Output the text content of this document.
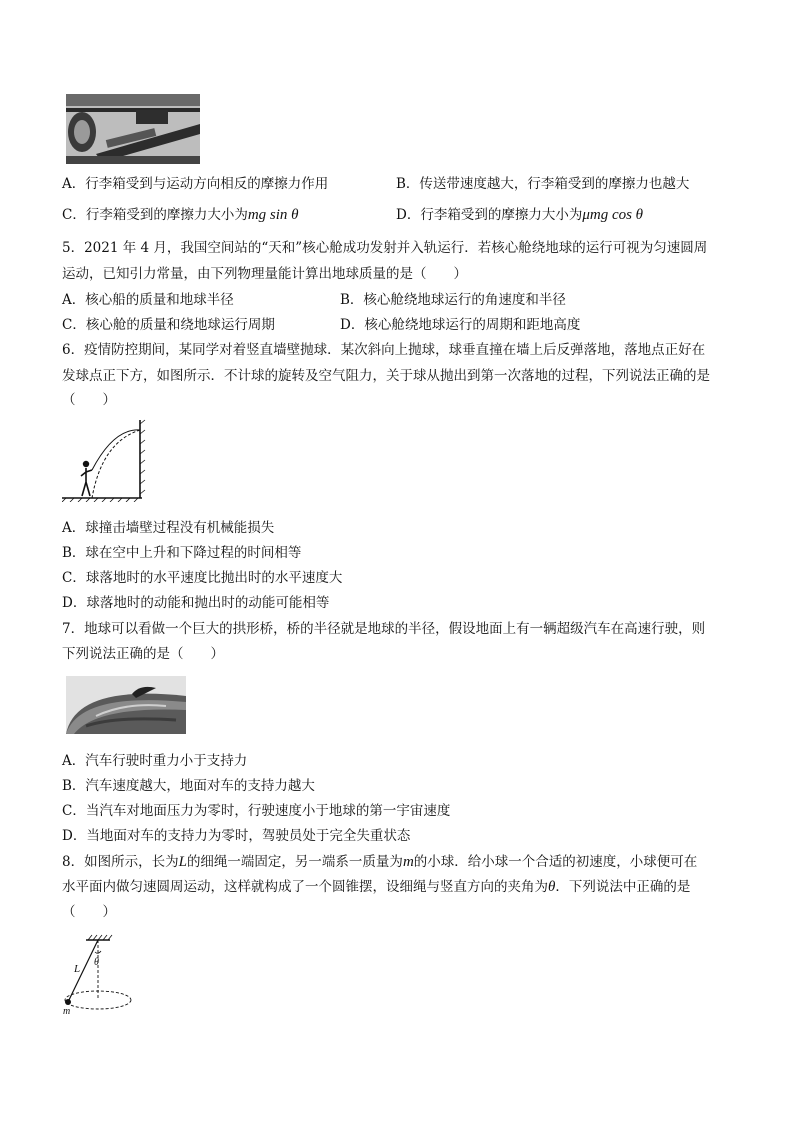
A．行李箱受到与运动方向相反的摩擦力作用	B．传送带速度越大，行李箱受到的摩擦力也越大
C．行李箱受到的摩擦力大小为mg sin θ	D．行李箱受到的摩擦力大小为μmg cos θ
5．2021 年 4 月，我国空间站的“天和”核心舱成功发射并入轨运行．若核心舱绕地球的运行可视为匀速圆周
运动，已知引力常量，由下列物理量能计算出地球质量的是（　　）
A．核心船的质量和地球半径	B．核心舱绕地球运行的角速度和半径
C．核心舱的质量和绕地球运行周期	D．核心舱绕地球运行的周期和距地高度
6．疫情防控期间，某同学对着竖直墙壁抛球．某次斜向上抛球，球垂直撞在墙上后反弹落地，落地点正好在
发球点正下方，如图所示．不计球的旋转及空气阻力，关于球从抛出到第一次落地的过程，下列说法正确的是
（　　）
A．球撞击墙壁过程没有机械能损失
B．球在空中上升和下降过程的时间相等
C．球落地时的水平速度比抛出时的水平速度大
D．球落地时的动能和抛出时的动能可能相等
7．地球可以看做一个巨大的拱形桥，桥的半径就是地球的半径，假设地面上有一辆超级汽车在高速行驶，则
下列说法正确的是（　　）
A．汽车行驶时重力小于支持力
B．汽车速度越大，地面对车的支持力越大
C．当汽车对地面压力为零时，行驶速度小于地球的第一宇宙速度
D．当地面对车的支持力为零时，驾驶员处于完全失重状态
8．如图所示，长为L的细绳一端固定，另一端系一质量为m的小球．给小球一个合适的初速度，小球便可在
水平面内做匀速圆周运动，这样就构成了一个圆锥摆，设细绳与竖直方向的夹角为θ．下列说法中正确的是
（　　）
L
θ
m
